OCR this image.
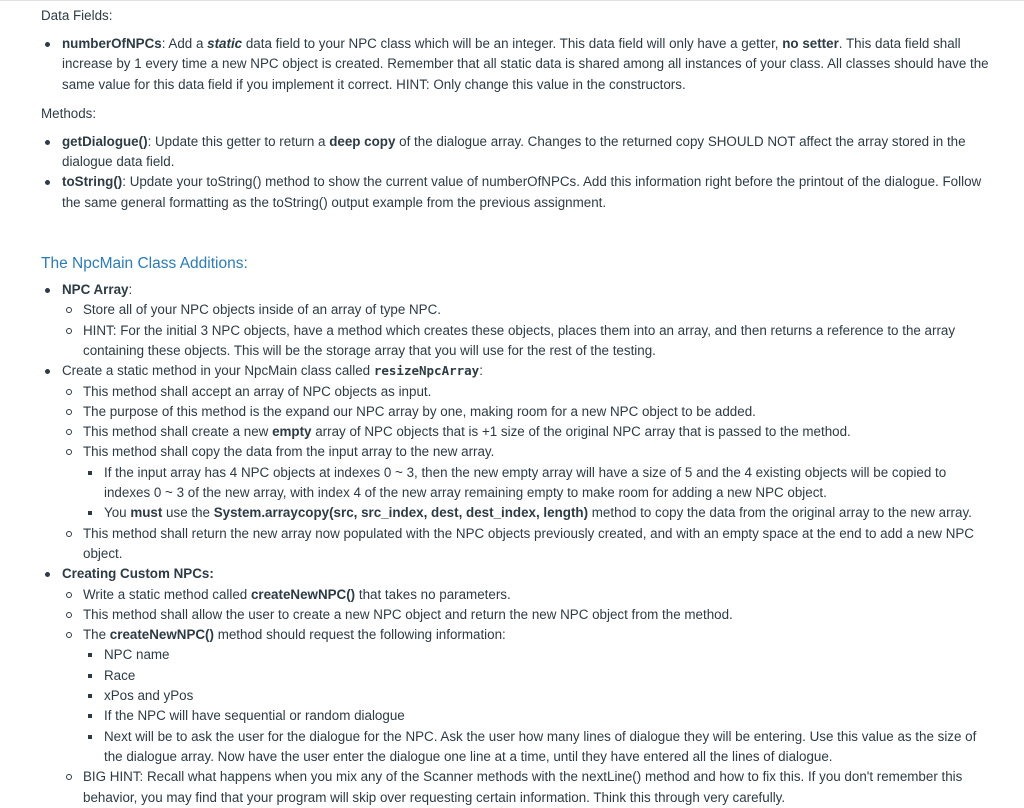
Data Fields:

numberOfNPCs: Add a static data field to your NPC class which will be an integer. This data field will only have a getter, no setter. This data field shall increase by 1 every time a new NPC object is created. Remember that all static data is shared among all instances of your class. All classes should have the same value for this data field if you implement it correct. HINT: Only change this value in the constructors.

Methods:

getDialogue(): Update this getter to return a deep copy of the dialogue array. Changes to the returned copy SHOULD NOT affect the array stored in the dialogue data field.
toString(): Update your toString() method to show the current value of numberOfNPCs. Add this information right before the printout of the dialogue. Follow the same general formatting as the toString() output example from the previous assignment.
The NpcMain Class Additions:
NPC Array:
Store all of your NPC objects inside of an array of type NPC.
HINT: For the initial 3 NPC objects, have a method which creates these objects, places them into an array, and then returns a reference to the array containing these objects. This will be the storage array that you will use for the rest of the testing.
Create a static method in your NpcMain class called resizeNpcArray:
This method shall accept an array of NPC objects as input.
The purpose of this method is the expand our NPC array by one, making room for a new NPC object to be added.
This method shall create a new empty array of NPC objects that is +1 size of the original NPC array that is passed to the method.
This method shall copy the data from the input array to the new array.
If the input array has 4 NPC objects at indexes 0 ~ 3, then the new empty array will have a size of 5 and the 4 existing objects will be copied to indexes 0 ~ 3 of the new array, with index 4 of the new array remaining empty to make room for adding a new NPC object.
You must use the System.arraycopy(src, src_index, dest, dest_index, length) method to copy the data from the original array to the new array.
This method shall return the new array now populated with the NPC objects previously created, and with an empty space at the end to add a new NPC object.
Creating Custom NPCs:
Write a static method called createNewNPC() that takes no parameters.
This method shall allow the user to create a new NPC object and return the new NPC object from the method.
The createNewNPC() method should request the following information:
NPC name
Race
xPos and yPos
If the NPC will have sequential or random dialogue
Next will be to ask the user for the dialogue for the NPC. Ask the user how many lines of dialogue they will be entering. Use this value as the size of the dialogue array. Now have the user enter the dialogue one line at a time, until they have entered all the lines of dialogue.
BIG HINT: Recall what happens when you mix any of the Scanner methods with the nextLine() method and how to fix this. If you don't remember this behavior, you may find that your program will skip over requesting certain information. Think this through very carefully.
